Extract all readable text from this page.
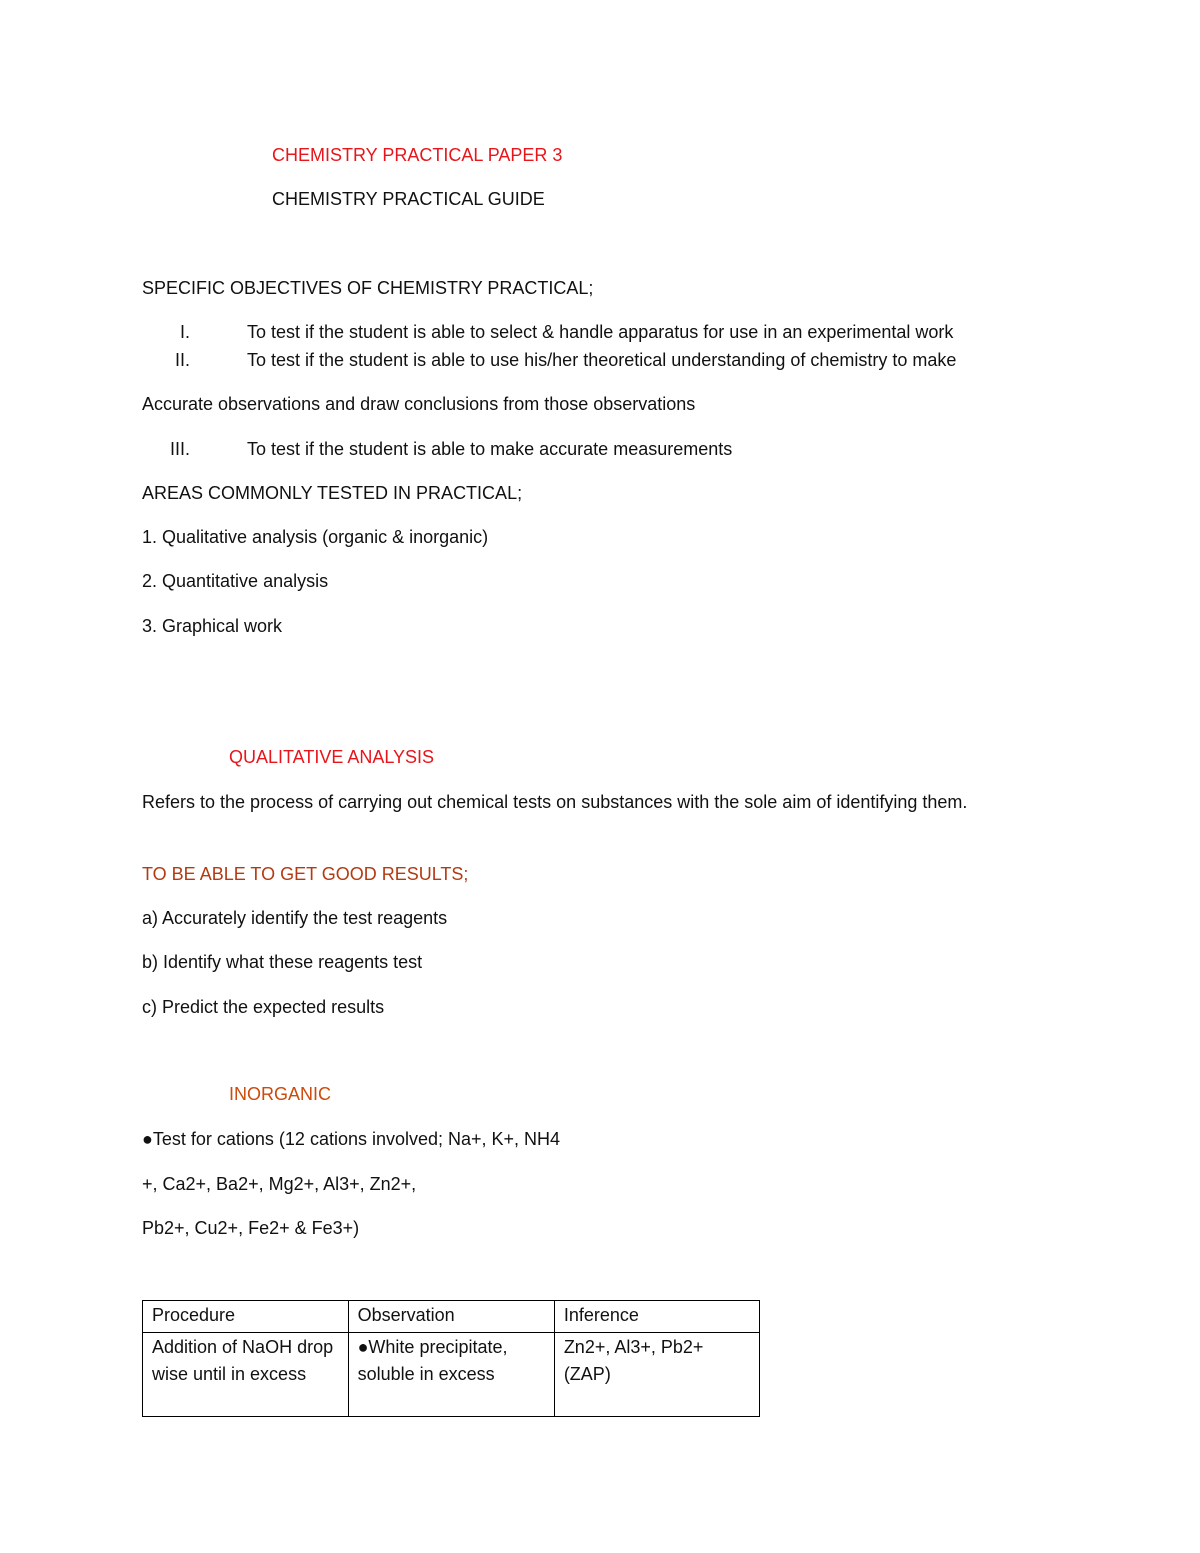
CHEMISTRY PRACTICAL PAPER 3
CHEMISTRY PRACTICAL GUIDE
SPECIFIC OBJECTIVES OF CHEMISTRY PRACTICAL;
I.	To test if the student is able to select & handle apparatus for use in an experimental work
II.	To test if the student is able to use his/her theoretical understanding of chemistry to make
Accurate observations and draw conclusions from those observations
III.	To test if the student is able to make accurate measurements
AREAS COMMONLY TESTED IN PRACTICAL;
1. Qualitative analysis (organic & inorganic)
2. Quantitative analysis
3. Graphical work
QUALITATIVE ANALYSIS
Refers to the process of carrying out chemical tests on substances with the sole aim of identifying them.
TO BE ABLE TO GET GOOD RESULTS;
a) Accurately identify the test reagents
b) Identify what these reagents test
c) Predict the expected results
INORGANIC
●Test for cations (12 cations involved; Na+, K+, NH4
+, Ca2+, Ba2+, Mg2+, Al3+, Zn2+,
Pb2+, Cu2+, Fe2+ & Fe3+)
Procedure	Observation	Inference
Addition of NaOH drop wise until in excess	●White precipitate, soluble in excess	Zn2+, Al3+, Pb2+ (ZAP)
